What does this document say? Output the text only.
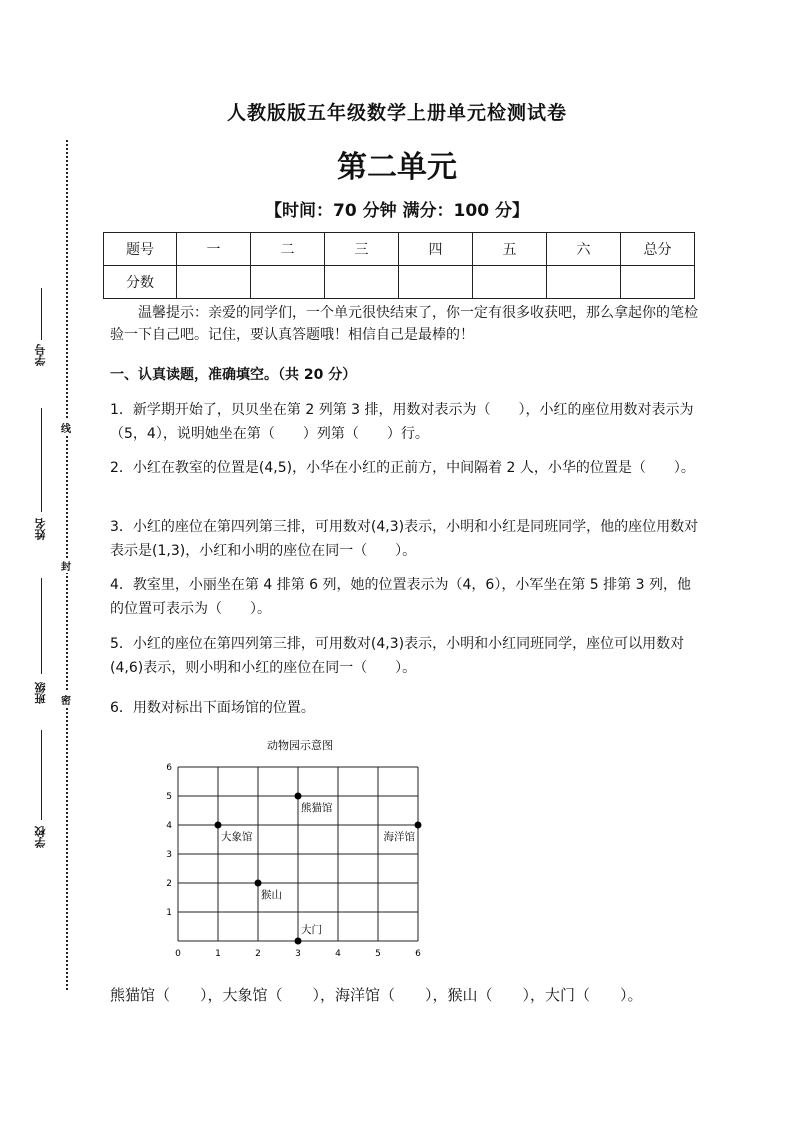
学号
姓名
班级
学校
线
封
密
人教版版五年级数学上册单元检测试卷
第二单元
【时间：70 分钟 满分：100 分】
题号	一	二	三	四	五	六	总分
分数							
温馨提示：亲爱的同学们，一个单元很快结束了，你一定有很多收获吧，那么拿起你的笔检验一下自己吧。记住，要认真答题哦！相信自己是最棒的！
一、认真读题，准确填空。（共 20 分）
1．新学期开始了，贝贝坐在第 2 列第 3 排，用数对表示为（　　），小红的座位用数对表示为（5，4），说明她坐在第（　　）列第（　　）行。
2．小红在教室的位置是(4,5)，小华在小红的正前方，中间隔着 2 人，小华的位置是（　　）。
3．小红的座位在第四列第三排，可用数对(4,3)表示，小明和小红是同班同学，他的座位用数对表示是(1,3)，小红和小明的座位在同一（　　）。
4．教室里，小丽坐在第 4 排第 6 列，她的位置表示为（4，6），小军坐在第 5 排第 3 列，他的位置可表示为（　　）。
5．小红的座位在第四列第三排，可用数对(4,3)表示，小明和小红同班同学，座位可以用数对(4,6)表示，则小明和小红的座位在同一（　　）。
6．用数对标出下面场馆的位置。
动物园示意图
0	1	2	3	4	5	6
1
2
3
4
5
6
熊猫馆
大象馆	海洋馆
猴山
大门
熊猫馆（　　），大象馆（　　），海洋馆（　　），猴山（　　），大门（　　）。
